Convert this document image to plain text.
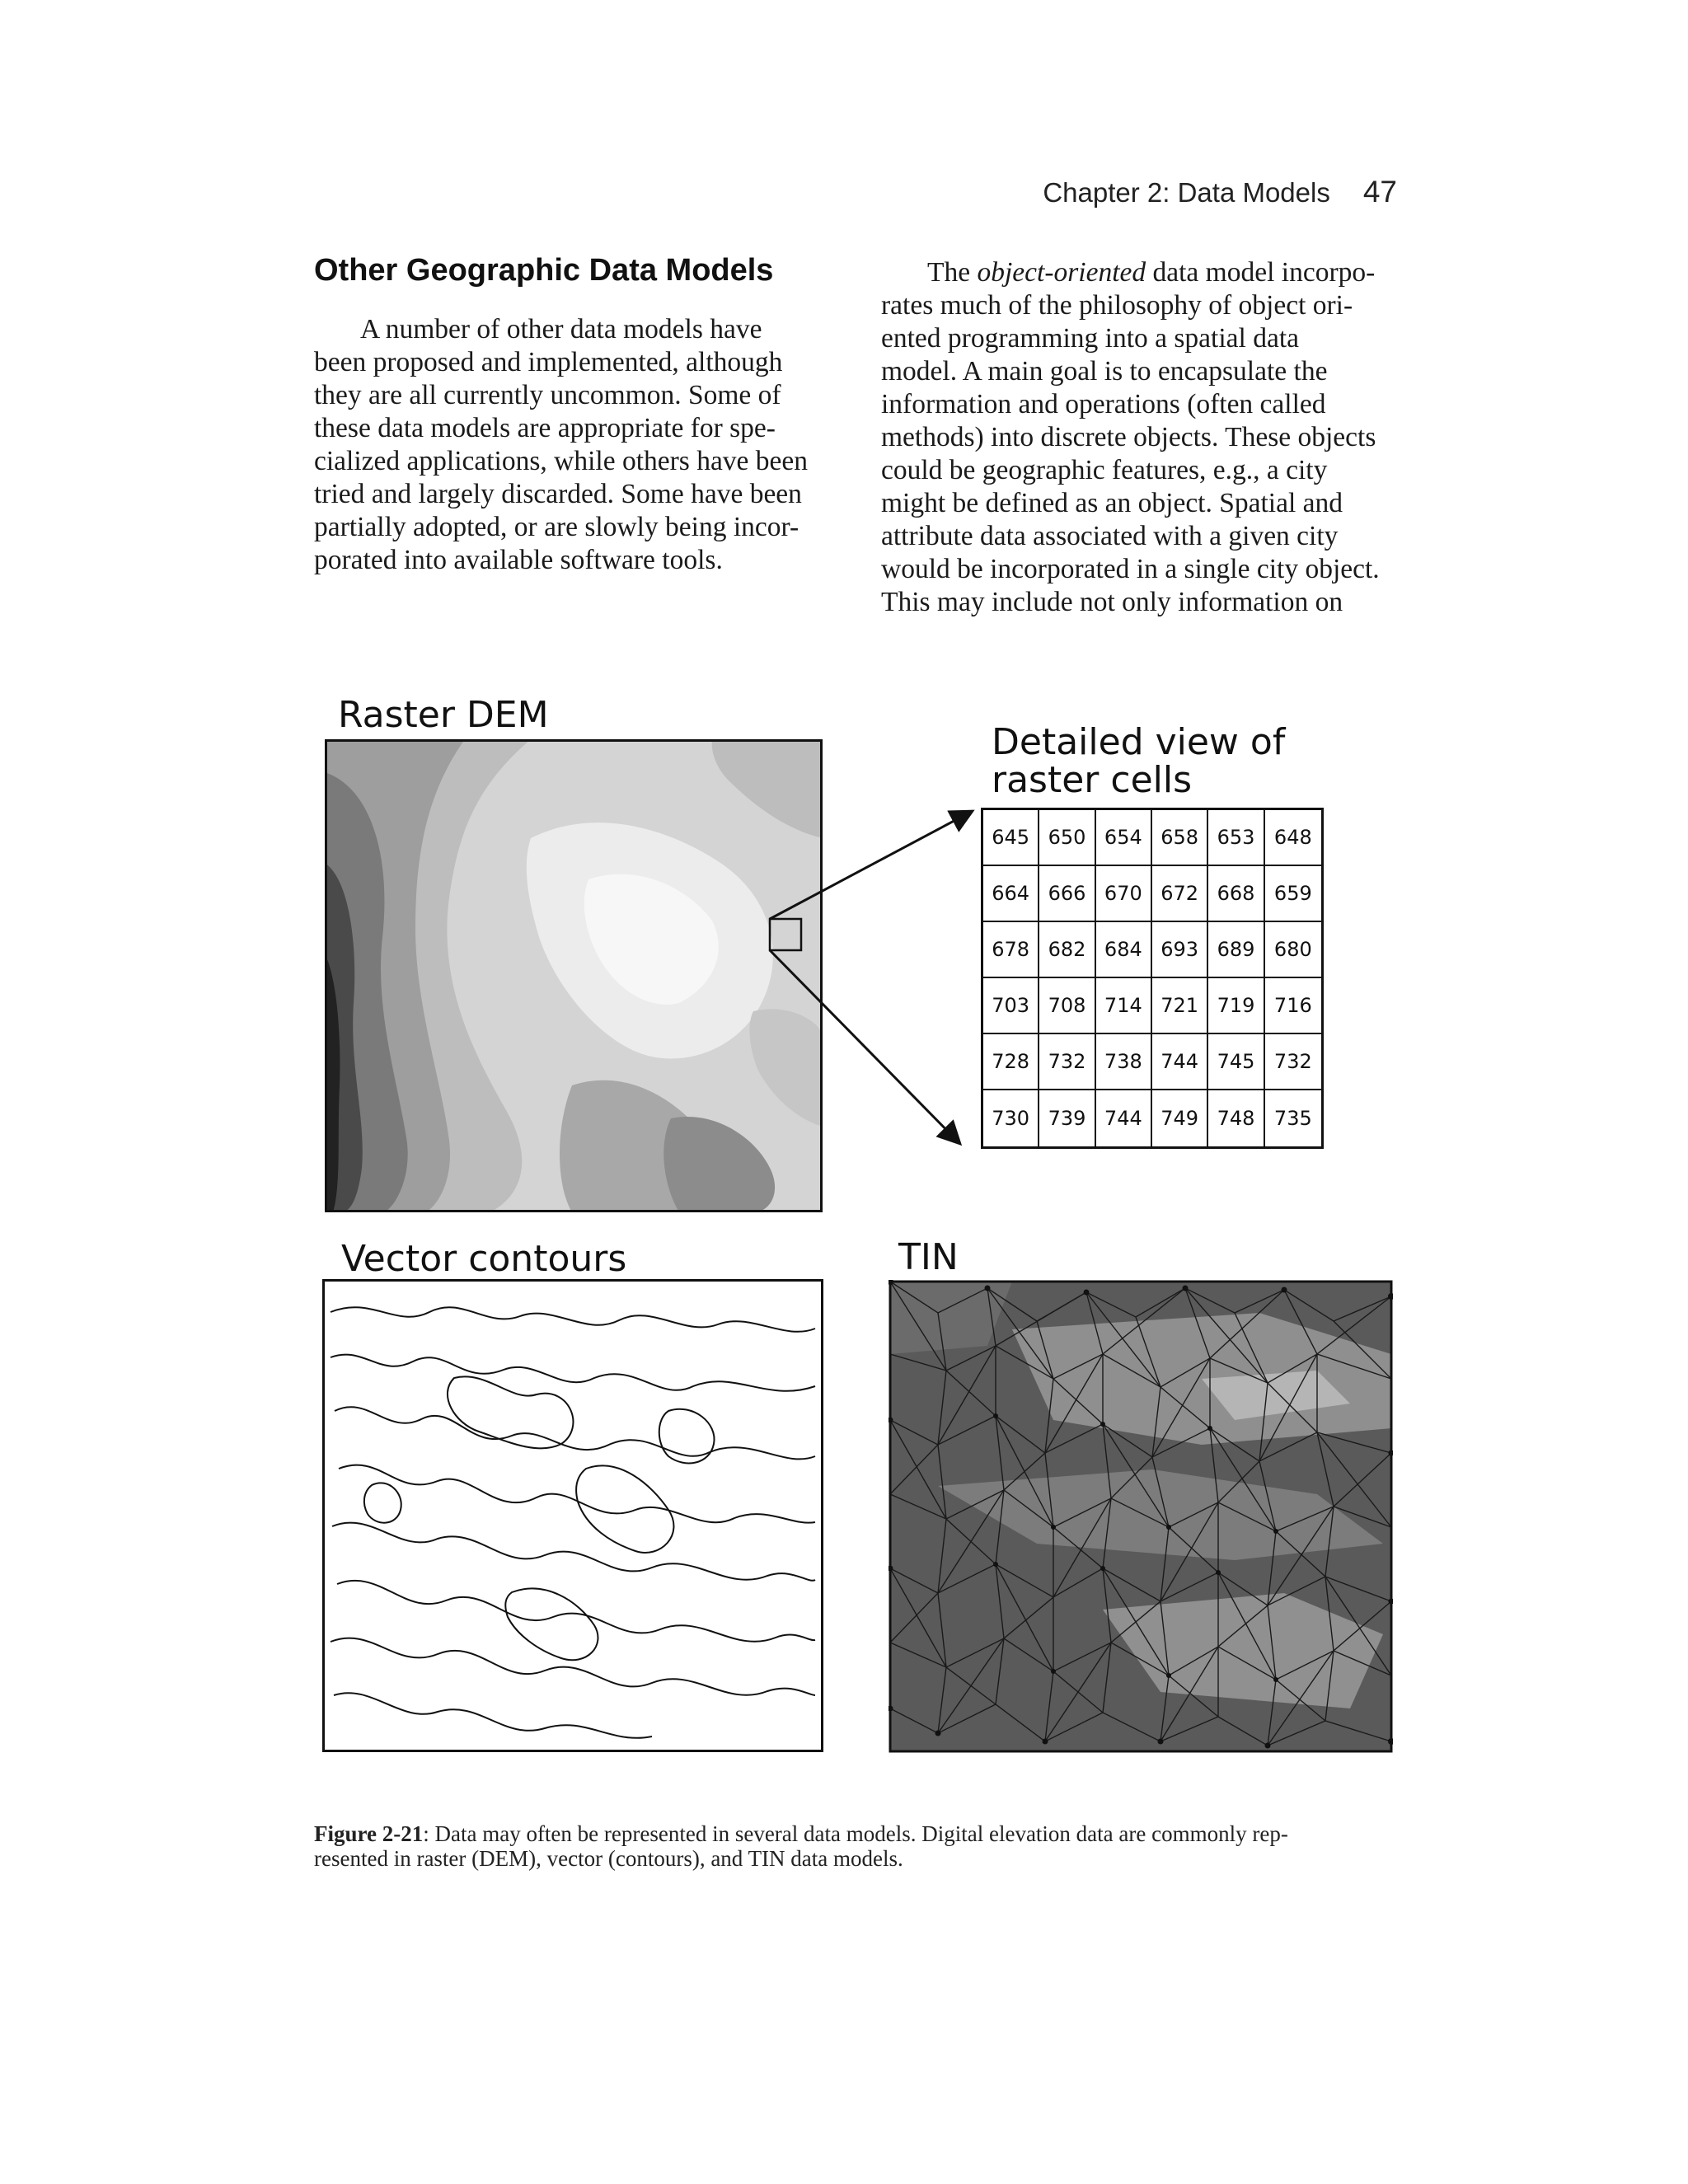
Chapter 2: Data Models 47
Other Geographic Data Models
A number of other data models have
been proposed and implemented, although
they are all currently uncommon. Some of
these data models are appropriate for spe-
cialized applications, while others have been
tried and largely discarded. Some have been
partially adopted, or are slowly being incor-
porated into available software tools.
The object-oriented data model incorpo-
rates much of the philosophy of object ori-
ented programming into a spatial data
model. A main goal is to encapsulate the
information and operations (often called
methods) into discrete objects. These objects
could be geographic features, e.g., a city
might be defined as an object. Spatial and
attribute data associated with a given city
would be incorporated in a single city object.
This may include not only information on
Raster DEM
Detailed view of
raster cells
Vector contours	TIN
645 650 654 658 653 648
664 666 670 672 668 659
678 682 684 693 689 680
703 708 714 721 719 716
728 732 738 744 745 732
730 739 744 749 748 735
Figure 2-21: Data may often be represented in several data models. Digital elevation data are commonly rep-
resented in raster (DEM), vector (contours), and TIN data models.
